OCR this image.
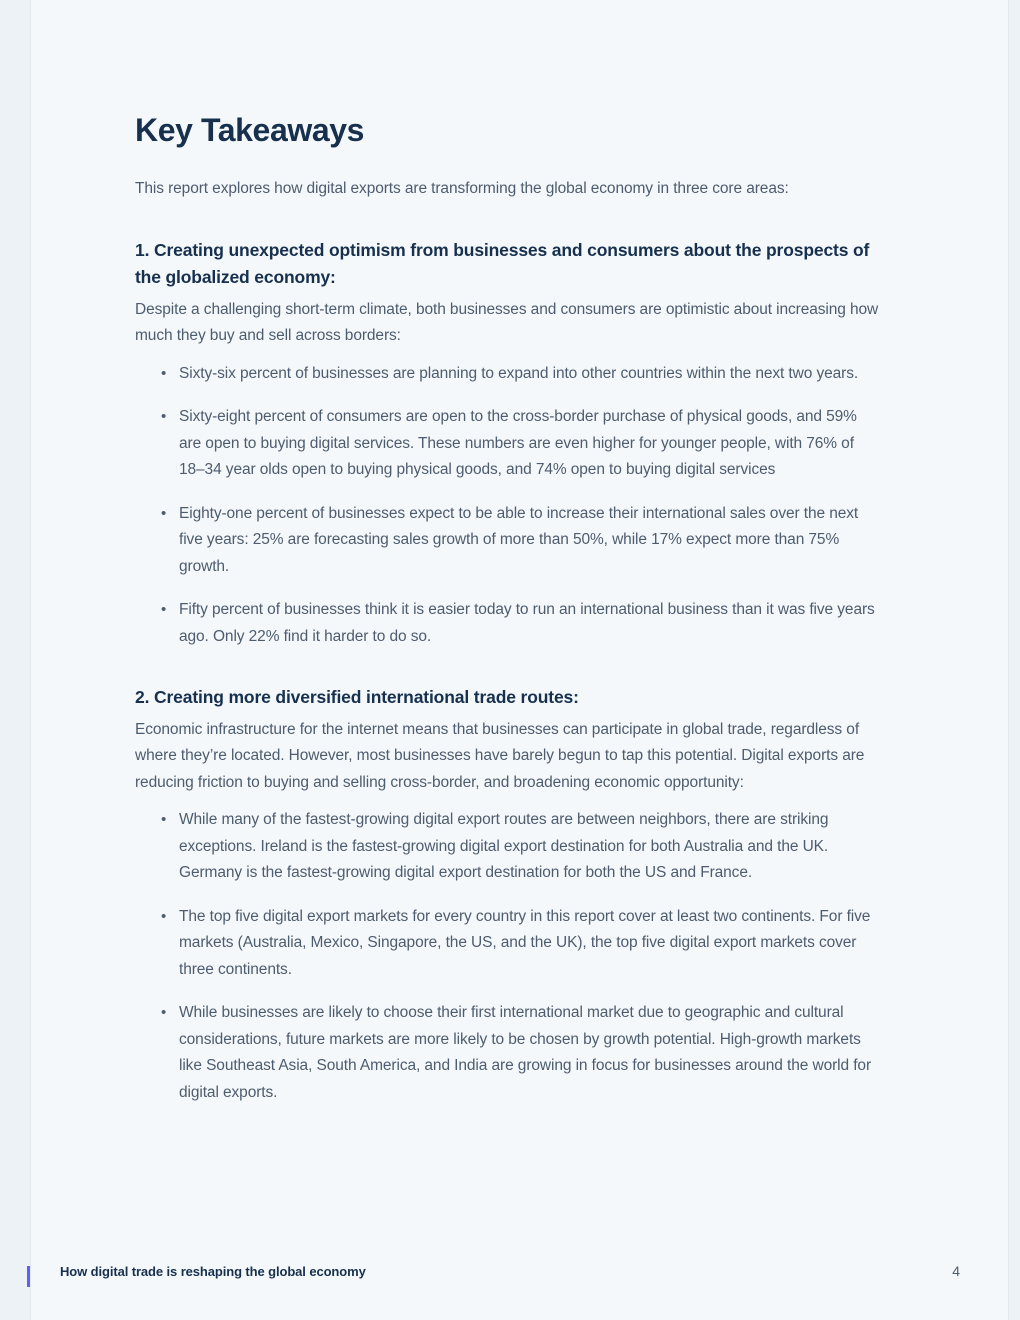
Key Takeaways

This report explores how digital exports are transforming the global economy in three core areas:

1. Creating unexpected optimism from businesses and consumers about the prospects of the globalized economy:

Despite a challenging short-term climate, both businesses and consumers are optimistic about increasing how much they buy and sell across borders:

• Sixty-six percent of businesses are planning to expand into other countries within the next two years.
• Sixty-eight percent of consumers are open to the cross-border purchase of physical goods, and 59% are open to buying digital services. These numbers are even higher for younger people, with 76% of 18–34 year olds open to buying physical goods, and 74% open to buying digital services
• Eighty-one percent of businesses expect to be able to increase their international sales over the next five years: 25% are forecasting sales growth of more than 50%, while 17% expect more than 75% growth.
• Fifty percent of businesses think it is easier today to run an international business than it was five years ago. Only 22% find it harder to do so.
2. Creating more diversified international trade routes:

Economic infrastructure for the internet means that businesses can participate in global trade, regardless of where they’re located. However, most businesses have barely begun to tap this potential. Digital exports are reducing friction to buying and selling cross-border, and broadening economic opportunity:

• While many of the fastest-growing digital export routes are between neighbors, there are striking exceptions. Ireland is the fastest-growing digital export destination for both Australia and the UK. Germany is the fastest-growing digital export destination for both the US and France.
• The top five digital export markets for every country in this report cover at least two continents. For five markets (Australia, Mexico, Singapore, the US, and the UK), the top five digital export markets cover three continents.
• While businesses are likely to choose their first international market due to geographic and cultural considerations, future markets are more likely to be chosen by growth potential. High-growth markets like Southeast Asia, South America, and India are growing in focus for businesses around the world for digital exports.
How digital trade is reshaping the global economy	4
